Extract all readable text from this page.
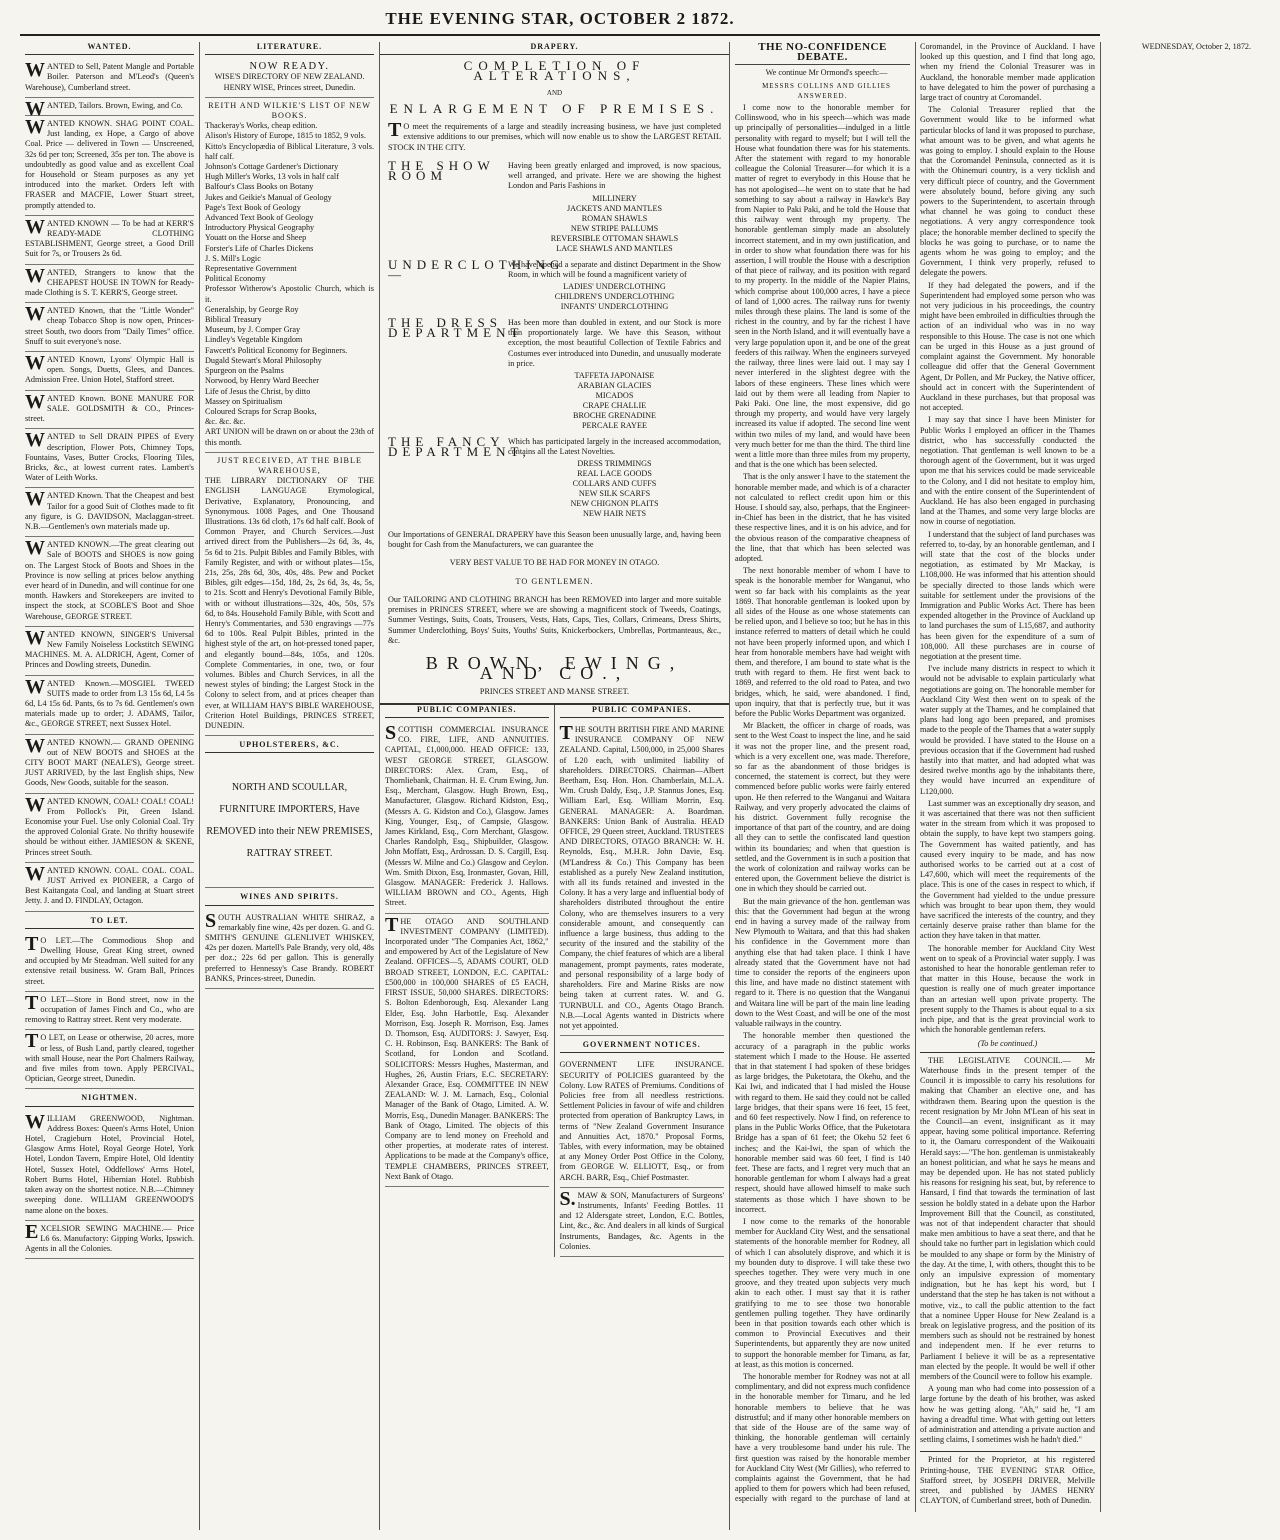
THE EVENING STAR, OCTOBER 2 1872.
WANTED.

WANTED to Sell, Patent Mangle and Portable Boiler. Paterson and M'Leod's (Queen's Warehouse), Cumberland street.

WANTED, Tailors. Brown, Ewing, and Co.

WANTED KNOWN. SHAG POINT COAL. Just landing, ex Hope, a Cargo of above Coal. Price — delivered in Town — Unscreened, 32s 6d per ton; Screened, 35s per ton. The above is undoubtedly as good value and as excellent Coal for Household or Steam purposes as any yet introduced into the market. Orders left with FRASER and MACFIE, Lower Stuart street, promptly attended to.

WANTED KNOWN — To be had at KERR'S READY-MADE CLOTHING ESTABLISHMENT, George street, a Good Drill Suit for 7s, or Trousers 2s 6d.

WANTED, Strangers to know that the CHEAPEST HOUSE IN TOWN for Ready-made Clothing is S. T. KERR'S, George street.

WANTED Known, that the "Little Wonder" cheap Tobacco Shop is now open, Princes-street South, two doors from "Daily Times" office. Snuff to suit everyone's nose.

WANTED Known, Lyons' Olympic Hall is open. Songs, Duetts, Glees, and Dances. Admission Free. Union Hotel, Stafford street.

WANTED Known. BONE MANURE FOR SALE. GOLDSMITH & CO., Princes-street.

WANTED to Sell DRAIN PIPES of Every description, Flower Pots, Chimney Tops, Fountains, Vases, Butter Crocks, Flooring Tiles, Bricks, &c., at lowest current rates. Lambert's Water of Leith Works.

WANTED Known. That the Cheapest and best Tailor for a good Suit of Clothes made to fit any figure, is G. DAVIDSON, Maclaggan-street. N.B.—Gentlemen's own materials made up.

WANTED KNOWN.—The great clearing out Sale of BOOTS and SHOES is now going on. The Largest Stock of Boots and Shoes in the Province is now selling at prices below anything ever heard of in Dunedin, and will continue for one month. Hawkers and Storekeepers are invited to inspect the stock, at SCOBLE'S Boot and Shoe Warehouse, GEORGE STREET.

WANTED KNOWN, SINGER'S Universal New Family Noiseless Lockstitch SEWING MACHINES. M. A. ALDRICH, Agent, Corner of Princes and Dowling streets, Dunedin.

WANTED Known.—MOSGIEL TWEED SUITS made to order from L3 15s 6d, L4 5s 6d, L4 15s 6d. Pants, 6s to 7s 6d. Gentlemen's own materials made up to order; J. ADAMS, Tailor, &c., GEORGE STREET, next Sussex Hotel.

WANTED KNOWN.— GRAND OPENING out of NEW BOOTS and SHOES at the CITY BOOT MART (NEALE'S), George street. JUST ARRIVED, by the last English ships, New Goods, New Goods, suitable for the season.

WANTED KNOWN, COAL! COAL! COAL! From Pollock's Pit, Green Island. Economise your Fuel. Use only Colonial Coal. Try the approved Colonial Grate. No thrifty housewife should be without either. JAMIESON & SKENE, Princes street South.

WANTED KNOWN. COAL. COAL. COAL. JUST Arrived ex PIONEER, a Cargo of Best Kaitangata Coal, and landing at Stuart street Jetty. J. and D. FINDLAY, Octagon.

TO LET.

TO LET.—The Commodious Shop and Dwelling House, Great King street, owned and occupied by Mr Steadman. Well suited for any extensive retail business. W. Gram Ball, Princes street.

TO LET—Store in Bond street, now in the occupation of James Finch and Co., who are removing to Rattray street. Rent very moderate.

TO LET, on Lease or otherwise, 20 acres, more or less, of Bush Land, partly cleared, together with small House, near the Port Chalmers Railway, and five miles from town. Apply PERCIVAL, Optician, George street, Dunedin.

NIGHTMEN.

WILLIAM GREENWOOD, Nightman. Address Boxes: Queen's Arms Hotel, Union Hotel, Cragieburn Hotel, Provincial Hotel, Glasgow Arms Hotel, Royal George Hotel, York Hotel, London Tavern, Empire Hotel, Old Identity Hotel, Sussex Hotel, Oddfellows' Arms Hotel, Robert Burns Hotel, Hibernian Hotel. Rubbish taken away on the shortest notice. N.B.—Chimney sweeping done. WILLIAM GREENWOOD'S name alone on the boxes.

EXCELSIOR SEWING MACHINE.— Price L6 6s. Manufactory: Gipping Works, Ipswich. Agents in all the Colonies.

LITERATURE.

NOW READY.

WISE'S DIRECTORY OF NEW ZEALAND. HENRY WISE, Princes street, Dunedin.

REITH AND WILKIE'S LIST OF NEW BOOKS.

Thackeray's Works, cheap edition.
Alison's History of Europe, 1815 to 1852, 9 vols.
Kitto's Encyclopædia of Biblical Literature, 3 vols. half calf.
Johnson's Cottage Gardener's Dictionary
Hugh Miller's Works, 13 vols in half calf
Balfour's Class Books on Botany
Jukes and Geikie's Manual of Geology
Page's Text Book of Geology
Advanced Text Book of Geology
Introductory Physical Geography
Youatt on the Horse and Sheep
Forster's Life of Charles Dickens
J. S. Mill's Logic
Representative Government
Political Economy
Professor Witherow's Apostolic Church, which is it.
Generalship, by George Roy
Biblical Treasury
Museum, by J. Comper Gray
Lindley's Vegetable Kingdom
Fawcett's Political Economy for Beginners.
Dugald Stewart's Moral Philosophy
Spurgeon on the Psalms
Norwood, by Henry Ward Beecher
Life of Jesus the Christ, by ditto
Massey on Spiritualism
Coloured Scraps for Scrap Books,
&c. &c. &c.

ART UNION will be drawn on or about the 23th of this month.

JUST RECEIVED, AT THE BIBLE WAREHOUSE,

THE LIBRARY DICTIONARY OF THE ENGLISH LANGUAGE Etymological, Derivative, Explanatory, Pronouncing, and Synonymous. 1008 Pages, and One Thousand Illustrations. 13s 6d cloth, 17s 6d half calf. Book of Common Prayer, and Church Services.—Just arrived direct from the Publishers—2s 6d, 3s, 4s, 5s 6d to 21s. Pulpit Bibles and Family Bibles, with Family Register, and with or without plates—15s, 21s, 25s, 28s 6d, 30s, 40s, 48s. Pew and Pocket Bibles, gilt edges—15d, 18d, 2s, 2s 6d, 3s, 4s, 5s, to 21s. Scott and Henry's Devotional Family Bible, with or without illustrations—32s, 40s, 50s, 57s 6d, to 84s. Household Family Bible, with Scott and Henry's Commentaries, and 530 engravings —77s 6d to 100s. Real Pulpit Bibles, printed in the highest style of the art, on hot-pressed toned paper, and elegantly bound—84s, 105s, and 120s. Complete Commentaries, in one, two, or four volumes. Bibles and Church Services, in all the newest styles of binding; the Largest Stock in the Colony to select from, and at prices cheaper than ever, at WILLIAM HAY'S BIBLE WAREHOUSE, Criterion Hotel Buildings, PRINCES STREET, DUNEDIN.

UPHOLSTERERS, &C.

NORTH AND SCOULLAR, FURNITURE IMPORTERS, Have REMOVED into their NEW PREMISES, RATTRAY STREET.

WINES AND SPIRITS.

SOUTH AUSTRALIAN WHITE SHIRAZ, a remarkably fine wine, 42s per dozen. G. and G. SMITH'S GENUINE GLENLIVET WHISKEY, 42s per dozen. Martell's Pale Brandy, very old, 48s per doz.; 22s 6d per gallon. This is generally preferred to Hennessy's Case Brandy. ROBERT BANKS, Princes-street, Dunedin.

DRAPERY.
COMPLETION OF ALTERATIONS,
AND
ENLARGEMENT OF PREMISES.

TO meet the requirements of a large and steadily increasing business, we have just completed extensive additions to our premises, which will now enable us to show the LARGEST RETAIL STOCK IN THE CITY.

THE SHOW ROOM
Having been greatly enlarged and improved, is now spacious, well arranged, and private. Here we are showing the highest London and Paris Fashions in
MILLINERY
JACKETS AND MANTLES
ROMAN SHAWLS
NEW STRIPE PALLUMS
REVERSIBLE OTTOMAN SHAWLS
LACE SHAWLS AND MANTLES
UNDERCLOTHING—
We have opened a separate and distinct Department in the Show Room, in which will be found a magnificent variety of
LADIES' UNDERCLOTHING
CHILDREN'S UNDERCLOTHING
INFANTS' UNDERCLOTHING
THE DRESS DEPARTMENT
Has been more than doubled in extent, and our Stock is more than proportionately large. We have this Season, without exception, the most beautiful Collection of Textile Fabrics and Costumes ever introduced into Dunedin, and unusually moderate in price.
TAFFETA JAPONAISE
ARABIAN GLACIES
MICADOS
CRAPE CHALLIE
BROCHE GRENADINE
PERCALE RAYEE
THE FANCY DEPARTMENT,
Which has participated largely in the increased accommodation, contains all the Latest Novelties.
DRESS TRIMMINGS
REAL LACE GOODS
COLLARS AND CUFFS
NEW SILK SCARFS
NEW CHIGNON PLAITS
NEW HAIR NETS

Our Importations of GENERAL DRAPERY have this Season been unusually large, and, having been bought for Cash from the Manufacturers, we can guarantee the

VERY BEST VALUE TO BE HAD FOR MONEY IN OTAGO.

TO GENTLEMEN.

Our TAILORING AND CLOTHING BRANCH has been REMOVED into larger and more suitable premises in PRINCES STREET, where we are showing a magnificent stock of Tweeds, Coatings, Summer Vestings, Suits, Coats, Trousers, Vests, Hats, Caps, Ties, Collars, Crimeans, Dress Shirts, Summer Underclothing, Boys' Suits, Youths' Suits, Knickerbockers, Umbrellas, Portmanteaus, &c., &c.

BROWN, EWING, AND CO.,

PRINCES STREET AND MANSE STREET.

PUBLIC COMPANIES.

SCOTTISH COMMERCIAL INSURANCE CO. FIRE, LIFE, AND ANNUITIES. CAPITAL, £1,000,000. HEAD OFFICE: 133, WEST GEORGE STREET, GLASGOW. DIRECTORS: Alex. Cram, Esq., of Thornliebank, Chairman. H. E. Crum Ewing, Jun. Esq., Merchant, Glasgow. Hugh Brown, Esq., Manufacturer, Glasgow. Richard Kidston, Esq., (Messrs A. G. Kidston and Co.), Glasgow. James King, Younger, Esq., of Campsie, Glasgow. James Kirkland, Esq., Corn Merchant, Glasgow. Charles Randolph, Esq., Shipbuilder, Glasgow. John Moffatt, Esq., Ardrossan. D. S. Cargill, Esq. (Messrs W. Milne and Co.) Glasgow and Ceylon. Wm. Smith Dixon, Esq, Ironmaster, Govan, Hill, Glasgow. MANAGER: Frederick J. Hallows. WILLIAM BROWN and CO., Agents, High Street.

THE OTAGO AND SOUTHLAND INVESTMENT COMPANY (LIMITED). Incorporated under "The Companies Act, 1862," and empowered by Act of the Legislature of New Zealand. OFFICES—5, ADAMS COURT, OLD BROAD STREET, LONDON, E.C. CAPITAL: £500,000 in 100,000 SHARES of £5 EACH, FIRST ISSUE, 50,000 SHARES. DIRECTORS: S. Bolton Edenborough, Esq. Alexander Lang Elder, Esq. John Harbottle, Esq. Alexander Morrison, Esq. Joseph R. Morrison, Esq. James D. Thomson, Esq. AUDITORS: J. Sawyer, Esq. C. H. Robinson, Esq. BANKERS: The Bank of Scotland, for London and Scotland. SOLICITORS: Messrs Hughes, Masterman, and Hughes, 26, Austin Friars, E.C. SECRETARY: Alexander Grace, Esq. COMMITTEE IN NEW ZEALAND: W. J. M. Larnach, Esq., Colonial Manager of the Bank of Otago, Limited. A. W. Morris, Esq., Dunedin Manager. BANKERS: The Bank of Otago, Limited. The objects of this Company are to lend money on Freehold and other properties, at moderate rates of interest. Applications to be made at the Company's office, TEMPLE CHAMBERS, PRINCES STREET, Next Bank of Otago.

PUBLIC COMPANIES.

THE SOUTH BRITISH FIRE AND MARINE INSURANCE COMPANY OF NEW ZEALAND. Capital, L500,000, in 25,000 Shares of L20 each, with unlimited liability of shareholders. DIRECTORS. Chairman—Albert Beetham, Esq. Hon. Hon. Chamberlain, M.L.A. Wm. Crush Daldy, Esq., J.P. Stannus Jones, Esq. William Earl, Esq. William Morrin, Esq. GENERAL MANAGER: A. Boardman. BANKERS: Union Bank of Australia. HEAD OFFICE, 29 Queen street, Auckland. TRUSTEES AND DIRECTORS, OTAGO BRANCH: W. H. Reynolds, Esq., M.H.R. John Davie, Esq. (M'Landress & Co.) This Company has been established as a purely New Zealand institution, with all its funds retained and invested in the Colony. It has a very large and influential body of shareholders distributed throughout the entire Colony, who are themselves insurers to a very considerable amount, and consequently can influence a large business, thus adding to the security of the insured and the stability of the Company, the chief features of which are a liberal management, prompt payments, rates moderate, and personal responsibility of a large body of shareholders. Fire and Marine Risks are now being taken at current rates. W. and G. TURNBULL and CO., Agents Otago Branch. N.B.—Local Agents wanted in Districts where not yet appointed.

GOVERNMENT NOTICES.

GOVERNMENT LIFE INSURANCE. SECURITY of POLICIES guaranteed by the Colony. Low RATES of Premiums. Conditions of Policies free from all needless restrictions. Settlement Policies in favour of wife and children protected from operation of Bankruptcy Laws, in terms of "New Zealand Government Insurance and Annuities Act, 1870." Proposal Forms, Tables, with every information, may be obtained at any Money Order Post Office in the Colony, from GEORGE W. ELLIOTT, Esq., or from ARCH. BARR, Esq., Chief Postmaster.

S.MAW & SON, Manufacturers of Surgeons' Instruments, Infants' Feeding Bottles. 11 and 12 Aldersgate street, London, E.C. Bottles, Lint, &c., &c. And dealers in all kinds of Surgical Instruments, Bandages, &c. Agents in the Colonies.

THE NO-CONFIDENCE DEBATE.

We continue Mr Ormond's speech:—

MESSRS COLLINS AND GILLIES ANSWERED.

I come now to the honorable member for Collinswood, who in his speech—which was made up principally of personalities—indulged in a little personality with regard to myself; but I will tell the House what foundation there was for his statements. After the statement with regard to my honorable colleague the Colonial Treasurer—for which it is a matter of regret to everybody in this House that he has not apologised—he went on to state that he had something to say about a railway in Hawke's Bay from Napier to Paki Paki, and he told the House that this railway went through my property. The honorable gentleman simply made an absolutely incorrect statement, and in my own justification, and in order to show what foundation there was for his assertion, I will trouble the House with a description of that piece of railway, and its position with regard to my property. In the middle of the Napier Plains, which comprise about 100,000 acres, I have a piece of land of 1,000 acres. The railway runs for twenty miles through these plains. The land is some of the richest in the country, and by far the richest I have seen in the North Island, and it will eventually have a very large population upon it, and be one of the great feeders of this railway. When the engineers surveyed the railway, three lines were laid out. I may say I never interfered in the slightest degree with the labors of these engineers. These lines which were laid out by them were all leading from Napier to Paki Paki. One line, the most expensive, did go through my property, and would have very largely increased its value if adopted. The second line went within two miles of my land, and would have been very much better for me than the third. The third line went a little more than three miles from my property, and that is the one which has been selected.

That is the only answer I have to the statement the honorable member made, and which is of a character not calculated to reflect credit upon him or this House. I should say, also, perhaps, that the Engineer-in-Chief has been in the district, that he has visited these respective lines, and it is on his advice, and for the obvious reason of the comparative cheapness of the line, that that which has been selected was adopted.

The next honorable member of whom I have to speak is the honorable member for Wanganui, who went so far back with his complaints as the year 1869. That honorable gentleman is looked upon by all sides of the House as one whose statements can be relied upon, and I believe so too; but he has in this instance referred to matters of detail which he could not have been properly informed upon, and which I hear from honorable members have had weight with them, and therefore, I am bound to state what is the truth with regard to them. He first went back to 1869, and referred to the old road to Patea, and two bridges, which, he said, were abandoned. I find, upon inquiry, that that is perfectly true, but it was before the Public Works Department was organized.

Mr Blackett, the officer in charge of roads, was sent to the West Coast to inspect the line, and he said it was not the proper line, and the present road, which is a very excellent one, was made. Therefore, so far as the abandonment of those bridges is concerned, the statement is correct, but they were commenced before public works were fairly entered upon. He then referred to the Wanganui and Waitara Railway, and very properly advocated the claims of his district. Government fully recognise the importance of that part of the country, and are doing all they can to settle the confiscated land question within its boundaries; and when that question is settled, and the Government is in such a position that the work of colonization and railway works can be entered upon, the Government believe the district is one in which they should be carried out.

But the main grievance of the hon. gentleman was this: that the Government had begun at the wrong end in having a survey made of the railway from New Plymouth to Waitara, and that this had shaken his confidence in the Government more than anything else that had taken place. I think I have already stated that the Government have not had time to consider the reports of the engineers upon this line, and have made no distinct statement with regard to it. There is no question that the Wanganui and Waitara line will be part of the main line leading down to the West Coast, and will be one of the most valuable railways in the country.

The honorable member then questioned the accuracy of a paragraph in the public works statement which I made to the House. He asserted that in that statement I had spoken of these bridges as large bridges, the Puketotara, the Okehu, and the Kai Iwi, and indicated that I had misled the House with regard to them. He said they could not be called large bridges, that their spans were 16 feet, 15 feet, and 60 feet respectively. Now I find, on reference to plans in the Public Works Office, that the Puketotara Bridge has a span of 61 feet; the Okehu 52 feet 6 inches; and the Kai-Iwi, the span of which the honorable member said was 60 feet, I find is 140 feet. These are facts, and I regret very much that an honorable gentleman for whom I always had a great respect, should have allowed himself to make such statements as those which I have shown to be incorrect.

I now come to the remarks of the honorable member for Auckland City West, and the sensational statements of the honorable member for Rodney, all of which I can absolutely disprove, and which it is my bounden duty to disprove. I will take these two speeches together. They were very much in one groove, and they treated upon subjects very much akin to each other. I must say that it is rather gratifying to me to see those two honorable gentlemen pulling together. They have ordinarily been in that position towards each other which is common to Provincial Executives and their Superintendents, but apparently they are now united to support the honorable member for Timaru, as far, at least, as this motion is concerned.

The honorable member for Rodney was not at all complimentary, and did not express much confidence in the honorable member for Timaru, and he led honorable members to believe that he was distrustful; and if many other honorable members on that side of the House are of the same way of thinking, the honorable gentleman will certainly have a very troublesome band under his rule. The first question was raised by the honorable member for Auckland City West (Mr Gillies), who referred to complaints against the Government, that he had applied to them for powers which had been refused, especially with regard to the purchase of land at Coromandel, in the Province of Auckland. I have looked up this question, and I find that long ago, when my friend the Colonial Treasurer was in Auckland, the honorable member made application to have delegated to him the power of purchasing a large tract of country at Coromandel.

The Colonial Treasurer replied that the Government would like to be informed what particular blocks of land it was proposed to purchase, what amount was to be given, and what agents he was going to employ. I should explain to the House that the Coromandel Peninsula, connected as it is with the Ohinemuri country, is a very ticklish and very difficult piece of country, and the Government were absolutely bound, before giving any such powers to the Superintendent, to ascertain through what channel he was going to conduct these negotiations. A very angry correspondence took place; the honorable member declined to specify the blocks he was going to purchase, or to name the agents whom he was going to employ; and the Government, I think very properly, refused to delegate the powers.

If they had delegated the powers, and if the Superintendent had employed some person who was not very judicious in his proceedings, the country might have been embroiled in difficulties through the action of an individual who was in no way responsible to this House. The case is not one which can be urged in this House as a just ground of complaint against the Government. My honorable colleague did offer that the General Government Agent, Dr Pollen, and Mr Puckey, the Native officer, should act in concert with the Superintendent of Auckland in these purchases, but that proposal was not accepted.

I may say that since I have been Minister for Public Works I employed an officer in the Thames district, who has successfully conducted the negotiation. That gentleman is well known to be a thorough agent of the Government, but it was urged upon me that his services could be made serviceable to the Colony, and I did not hesitate to employ him, and with the entire consent of the Superintendent of Auckland. He has also been engaged in purchasing land at the Thames, and some very large blocks are now in course of negotiation.

I understand that the subject of land purchases was referred to, to-day, by an honorable gentleman, and I will state that the cost of the blocks under negotiation, as estimated by Mr Mackay, is L108,000. He was informed that his attention should be specially directed to those lands which were suitable for settlement under the provisions of the Immigration and Public Works Act. There has been expended altogether in the Province of Auckland up to land purchases the sum of L15,687, and authority has been given for the expenditure of a sum of 108,000. All these purchases are in course of negotiation at the present time.

I've include many districts in respect to which it would not be advisable to explain particularly what negotiations are going on. The honorable member for Auckland City West then went on to speak of the water supply at the Thames, and he complained that plans had long ago been prepared, and promises made to the people of the Thames that a water supply would be provided. I have stated to the House on a previous occasion that if the Government had rushed hastily into that matter, and had adopted what was desired twelve months ago by the inhabitants there, they would have incurred an expenditure of L120,000.

Last summer was an exceptionally dry season, and it was ascertained that there was not then sufficient water in the stream from which it was proposed to obtain the supply, to have kept two stampers going. The Government has waited patiently, and has caused every inquiry to be made, and has now authorised works to be carried out at a cost of L47,600, which will meet the requirements of the place. This is one of the cases in respect to which, if the Government had yielded to the undue pressure which was brought to bear upon them, they would have sacrificed the interests of the country, and they certainly deserve praise rather than blame for the action they have taken in that matter.

The honorable member for Auckland City West went on to speak of a Provincial water supply. I was astonished to hear the honorable gentleman refer to that matter in this House, because the work in question is really one of much greater importance than an artesian well upon private property. The present supply to the Thames is about equal to a six inch pipe, and that is the great provincial work to which the honorable gentleman refers.

(To be continued.)

THE LEGISLATIVE COUNCIL.— Mr Waterhouse finds in the present temper of the Council it is impossible to carry his resolutions for making that Chamber an elective one, and has withdrawn them. Bearing upon the question is the recent resignation by Mr John M'Lean of his seat in the Council—an event, insignificant as it may appear, having some political importance. Referring to it, the Oamaru correspondent of the Waikouaiti Herald says:—"The hon. gentleman is unmistakeably an honest politician, and what he says he means and may be depended upon. He has not stated publicly his reasons for resigning his seat, but, by reference to Hansard, I find that towards the termination of last session he boldly stated in a debate upon the Harbor Improvement Bill that the Council, as constituted, was not of that independent character that should make men ambitious to have a seat there, and that he should take no further part in legislation which could be moulded to any shape or form by the Ministry of the day. At the time, I, with others, thought this to be only an impulsive expression of momentary indignation, but he has kept his word, but I understand that the step he has taken is not without a motive, viz., to call the public attention to the fact that a nominee Upper House for New Zealand is a break on legislative progress, and the position of its members such as should not be restrained by honest and independent men. If he ever returns to Parliament I believe it will be as a representative man elected by the people. It would be well if other members of the Council were to follow his example.

A young man who had come into possession of a large fortune by the death of his brother, was asked how he was getting along. "Ah," said he, "I am having a dreadful time. What with getting out letters of administration and attending a private auction and settling claims, I sometimes wish he hadn't died."

Printed for the Proprietor, at his registered Printing-house, THE EVENING STAR Office, Stafford street, by JOSEPH DRIVER, Melville street, and published by JAMES HENRY CLAYTON, of Cumberland street, both of Dunedin.

WEDNESDAY, October 2, 1872.
